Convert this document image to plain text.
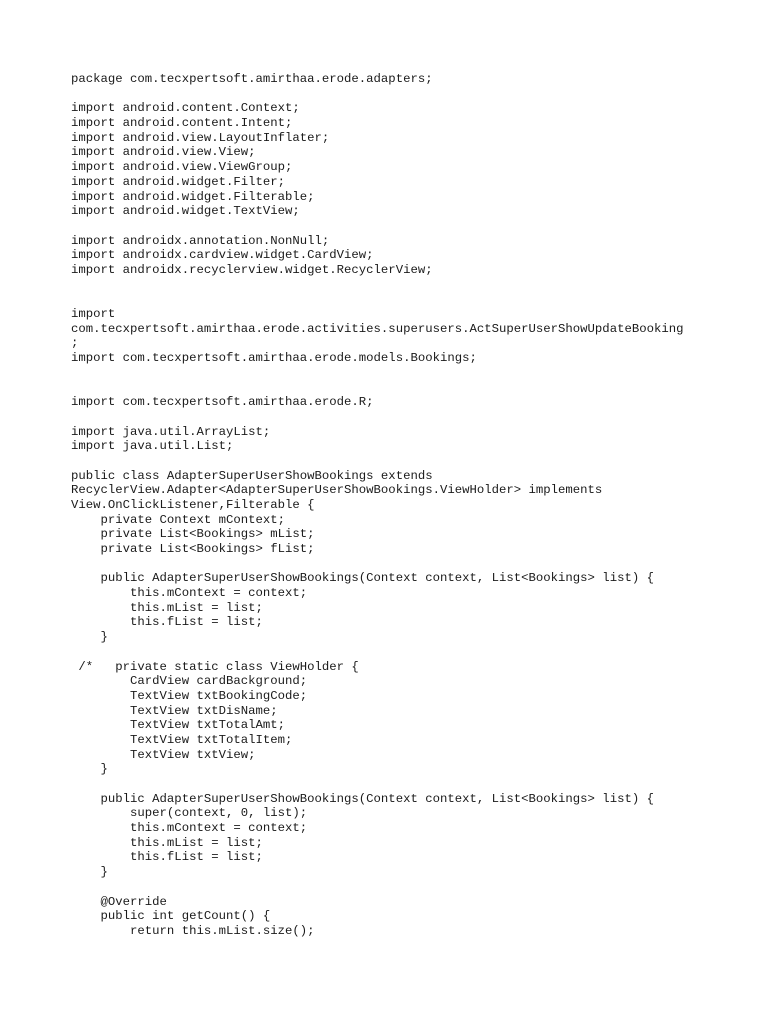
package com.tecxpertsoft.amirthaa.erode.adapters;
import android.content.Context;
import android.content.Intent;
import android.view.LayoutInflater;
import android.view.View;
import android.view.ViewGroup;
import android.widget.Filter;
import android.widget.Filterable;
import android.widget.TextView;
import androidx.annotation.NonNull;
import androidx.cardview.widget.CardView;
import androidx.recyclerview.widget.RecyclerView;
import
com.tecxpertsoft.amirthaa.erode.activities.superusers.ActSuperUserShowUpdateBooking
;
import com.tecxpertsoft.amirthaa.erode.models.Bookings;
import com.tecxpertsoft.amirthaa.erode.R;
import java.util.ArrayList;
import java.util.List;
public class AdapterSuperUserShowBookings extends
RecyclerView.Adapter<AdapterSuperUserShowBookings.ViewHolder> implements
View.OnClickListener,Filterable {
private Context mContext;
private List<Bookings> mList;
private List<Bookings> fList;
public AdapterSuperUserShowBookings(Context context, List<Bookings> list) {
this.mContext = context;
this.mList = list;
this.fList = list;
}
/*   private static class ViewHolder {
CardView cardBackground;
TextView txtBookingCode;
TextView txtDisName;
TextView txtTotalAmt;
TextView txtTotalItem;
TextView txtView;
}
public AdapterSuperUserShowBookings(Context context, List<Bookings> list) {
super(context, 0, list);
this.mContext = context;
this.mList = list;
this.fList = list;
}
@Override
public int getCount() {
return this.mList.size();
